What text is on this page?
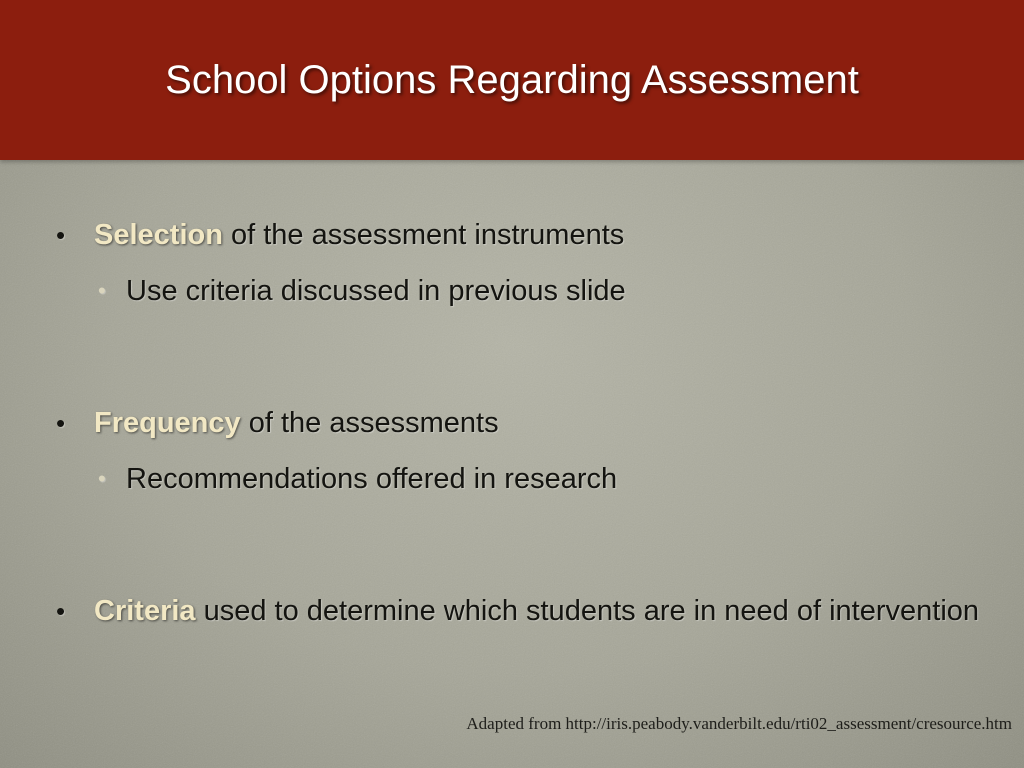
School Options Regarding Assessment
• Selection of the assessment instruments
• Use criteria discussed in previous slide
• Frequency of the assessments
• Recommendations offered in research
• Criteria used to determine which students are in need of intervention
Adapted from http://iris.peabody.vanderbilt.edu/rti02_assessment/cresource.htm
